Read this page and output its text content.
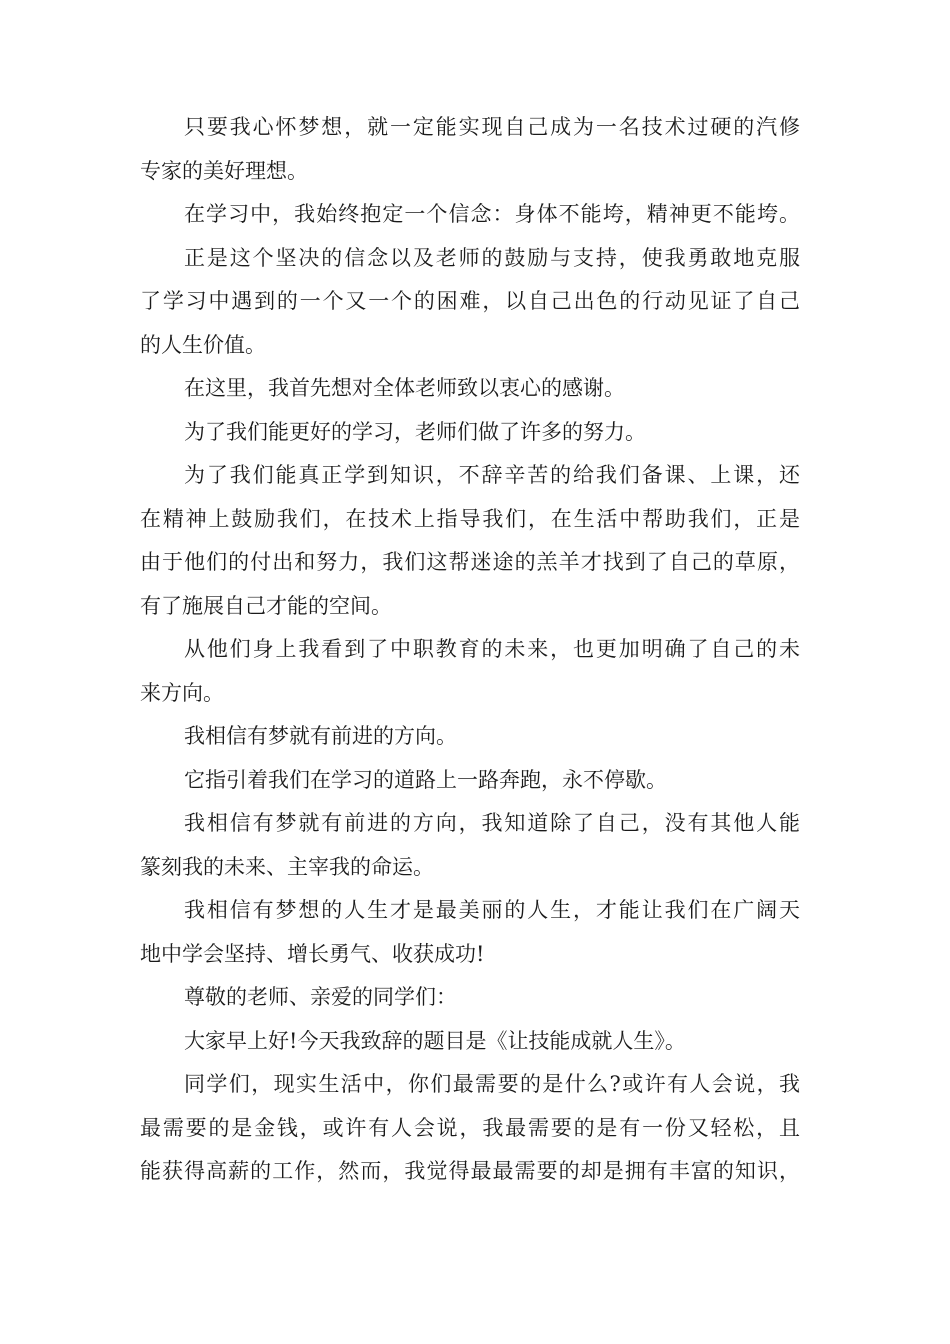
只要我心怀梦想，就一定能实现自己成为一名技术过硬的汽修
专家的美好理想。
在学习中，我始终抱定一个信念：身体不能垮，精神更不能垮。
正是这个坚决的信念以及老师的鼓励与支持，使我勇敢地克服
了学习中遇到的一个又一个的困难，以自己出色的行动见证了自己
的人生价值。
在这里，我首先想对全体老师致以衷心的感谢。
为了我们能更好的学习，老师们做了许多的努力。
为了我们能真正学到知识，不辞辛苦的给我们备课、上课，还
在精神上鼓励我们，在技术上指导我们，在生活中帮助我们，正是
由于他们的付出和努力，我们这帮迷途的羔羊才找到了自己的草原，
有了施展自己才能的空间。
从他们身上我看到了中职教育的未来，也更加明确了自己的未
来方向。
我相信有梦就有前进的方向。
它指引着我们在学习的道路上一路奔跑，永不停歇。
我相信有梦就有前进的方向，我知道除了自己，没有其他人能
篆刻我的未来、主宰我的命运。
我相信有梦想的人生才是最美丽的人生，才能让我们在广阔天
地中学会坚持、增长勇气、收获成功!
尊敬的老师、亲爱的同学们：
大家早上好!今天我致辞的题目是《让技能成就人生》。
同学们，现实生活中，你们最需要的是什么?或许有人会说，我
最需要的是金钱，或许有人会说，我最需要的是有一份又轻松，且
能获得高薪的工作，然而，我觉得最最需要的却是拥有丰富的知识，
